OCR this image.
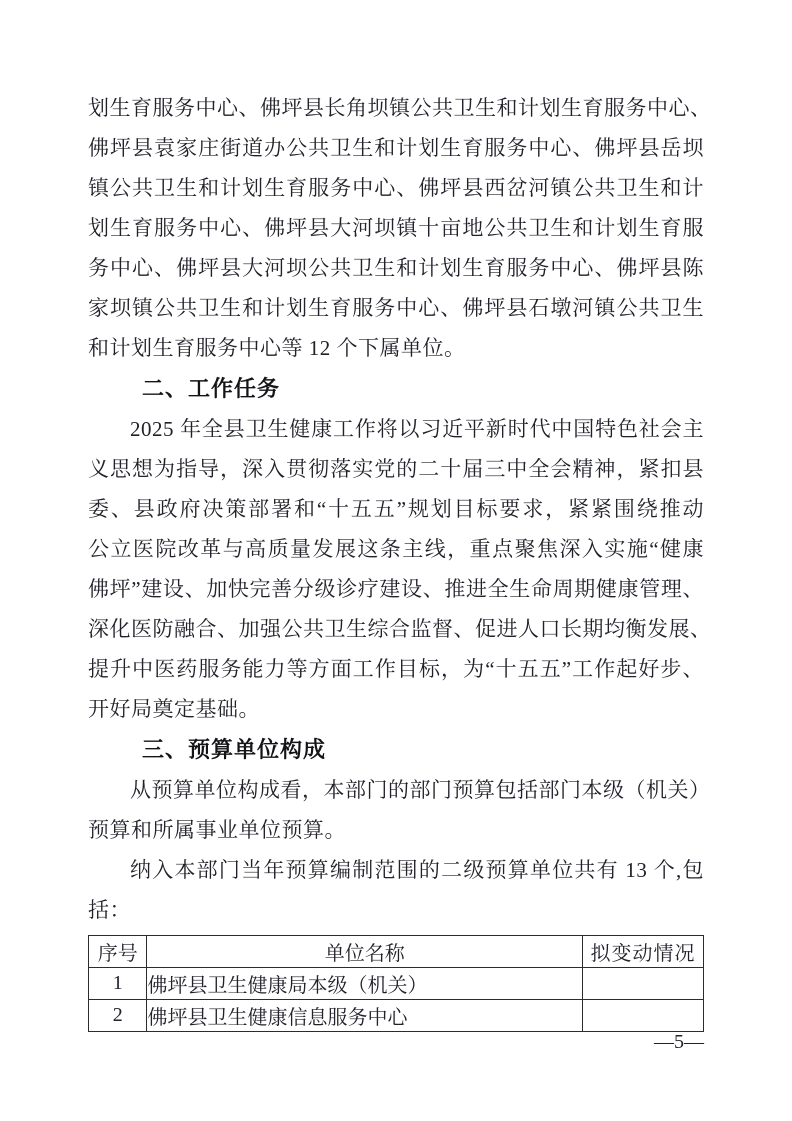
划生育服务中心、佛坪县长角坝镇公共卫生和计划生育服务中心、
佛坪县袁家庄街道办公共卫生和计划生育服务中心、佛坪县岳坝
镇公共卫生和计划生育服务中心、佛坪县西岔河镇公共卫生和计
划生育服务中心、佛坪县大河坝镇十亩地公共卫生和计划生育服
务中心、佛坪县大河坝公共卫生和计划生育服务中心、佛坪县陈
家坝镇公共卫生和计划生育服务中心、佛坪县石墩河镇公共卫生
和计划生育服务中心等 12 个下属单位。
二、工作任务
2025 年全县卫生健康工作将以习近平新时代中国特色社会主
义思想为指导，深入贯彻落实党的二十届三中全会精神，紧扣县
委、县政府决策部署和“十五五”规划目标要求，紧紧围绕推动
公立医院改革与高质量发展这条主线，重点聚焦深入实施“健康
佛坪”建设、加快完善分级诊疗建设、推进全生命周期健康管理、
深化医防融合、加强公共卫生综合监督、促进人口长期均衡发展、
提升中医药服务能力等方面工作目标，为“十五五”工作起好步、
开好局奠定基础。
三、预算单位构成
从预算单位构成看，本部门的部门预算包括部门本级（机关）
预算和所属事业单位预算。
纳入本部门当年预算编制范围的二级预算单位共有 13 个,包
括：
序号	单位名称	拟变动情况
1	佛坪县卫生健康局本级（机关）	
2	佛坪县卫生健康信息服务中心	
—5—
